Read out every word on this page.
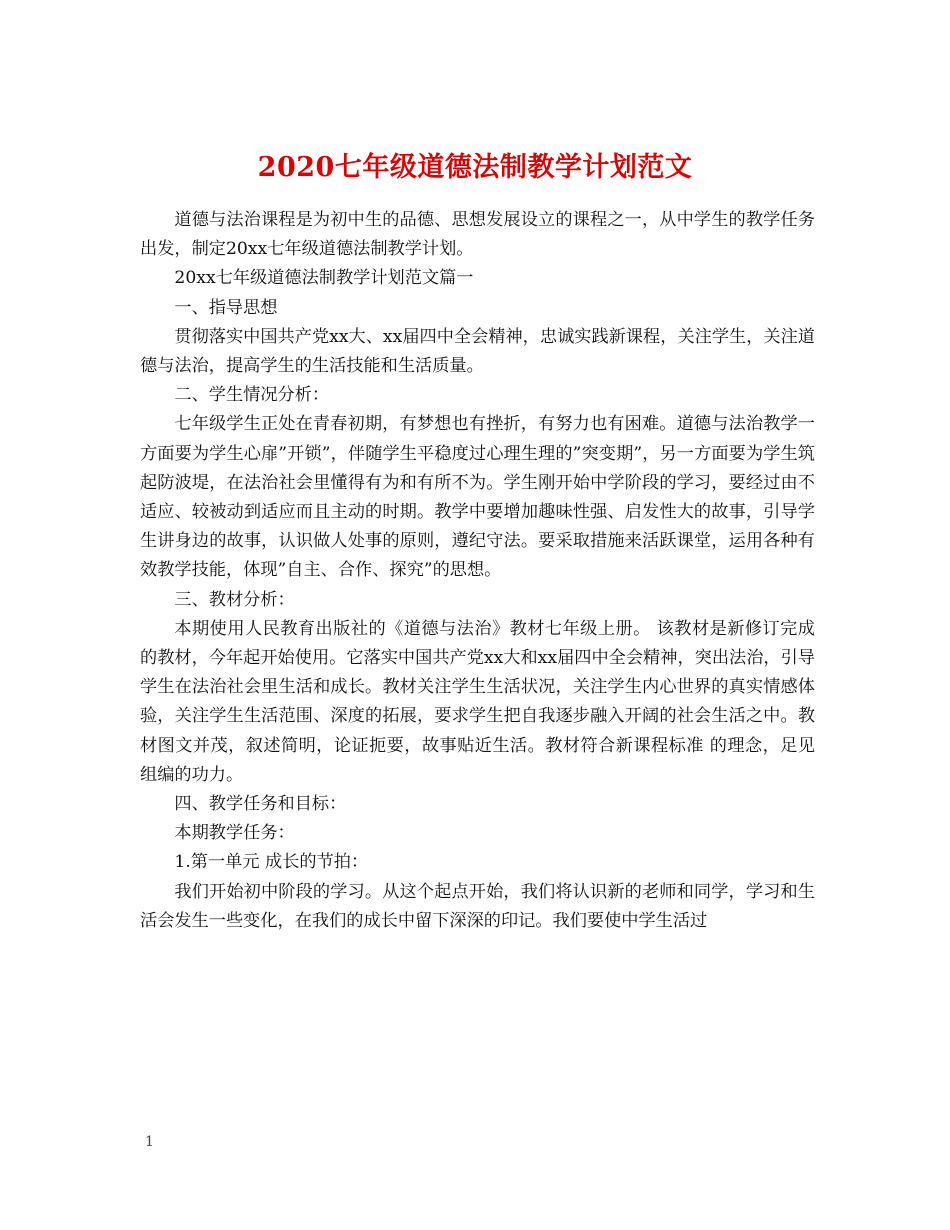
2020七年级道德法制教学计划范文

道德与法治课程是为初中生的品德、思想发展设立的课程之一，从中学生的教学任务出发，制定20xx七年级道德法制教学计划。

20xx七年级道德法制教学计划范文篇一

一、指导思想

贯彻落实中国共产党xx大、xx届四中全会精神，忠诚实践新课程，关注学生，关注道德与法治，提高学生的生活技能和生活质量。

二、学生情况分析：

七年级学生正处在青春初期，有梦想也有挫折，有努力也有困难。道德与法治教学一方面要为学生心扉”开锁”，伴随学生平稳度过心理生理的”突变期”，另一方面要为学生筑起防波堤，在法治社会里懂得有为和有所不为。学生刚开始中学阶段的学习，要经过由不适应、较被动到适应而且主动的时期。教学中要增加趣味性强、启发性大的故事，引导学生讲身边的故事，认识做人处事的原则，遵纪守法。要采取措施来活跃课堂，运用各种有效教学技能，体现”自主、合作、探究”的思想。

三、教材分析：

本期使用人民教育出版社的《道德与法治》教材七年级上册。 该教材是新修订完成的教材，今年起开始使用。它落实中国共产党xx大和xx届四中全会精神，突出法治，引导学生在法治社会里生活和成长。教材关注学生生活状况，关注学生内心世界的真实情感体验，关注学生生活范围、深度的拓展，要求学生把自我逐步融入开阔的社会生活之中。教材图文并茂，叙述简明，论证扼要，故事贴近生活。教材符合新课程标准 的理念，足见组编的功力。

四、教学任务和目标：

本期教学任务：

1.第一单元 成长的节拍：

我们开始初中阶段的学习。从这个起点开始，我们将认识新的老师和同学，学习和生活会发生一些变化，在我们的成长中留下深深的印记。我们要使中学生活过

1
